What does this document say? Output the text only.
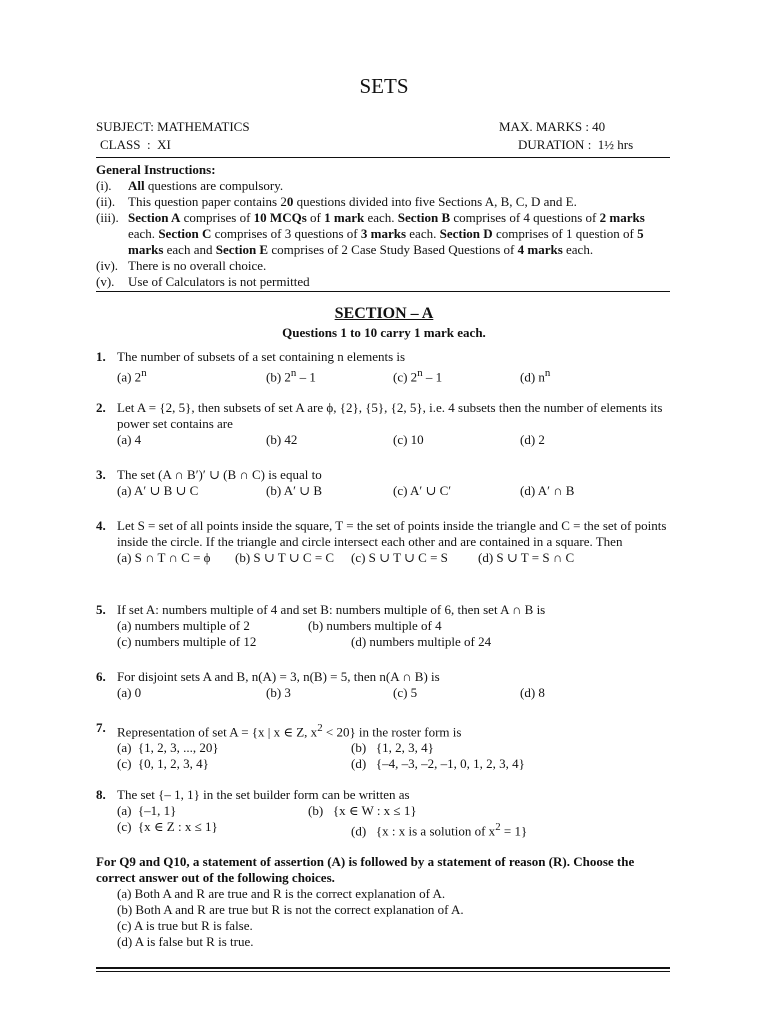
SETS
SUBJECT: MATHEMATICS	MAX. MARKS : 40
CLASS  :  XI	DURATION :  1½ hrs
General Instructions:
(i).	All questions are compulsory.
(ii). This question paper contains 20 questions divided into five Sections A, B, C, D and E.
(iii). Section A comprises of 10 MCQs of 1 mark each. Section B comprises of 4 questions of 2 marks each. Section C comprises of 3 questions of 3 marks each. Section D comprises of 1 question of 5 marks each and Section E comprises of 2 Case Study Based Questions of 4 marks each.
(iv). There is no overall choice.
(v).	Use of Calculators is not permitted
SECTION – A
Questions 1 to 10 carry 1 mark each.
1. The number of subsets of a set containing n elements is
(a) 2$^n$	(b) 2$^n$ – 1	(c) 2$^n$ – 1	(d) $n^n$
2. Let A = {2, 5}, then subsets of set A are ϕ, {2}, {5}, {2, 5}, i.e. 4 subsets then the number of elements its power set contains are
(a) 4	(b) 42	(c) 10	(d) 2
3. The set (A ∩ B′)′ ∪ (B ∩ C) is equal to
(a) A′ ∪ B ∪ C	(b) A′ ∪ B	(c) A′ ∪ C′	(d) A′ ∩ B
4. Let S = set of all points inside the square, T = the set of points inside the triangle and C = the set of points inside the circle. If the triangle and circle intersect each other and are contained in a square. Then
(a) S ∩ T ∩ C = ϕ (b) S ∪ T ∪ C = C (c) S ∪ T ∪ C = S (d) S ∪ T = S ∩ C
5. If set A: numbers multiple of 4 and set B: numbers multiple of 6, then set A ∩ B is
(a) numbers multiple of 2	(b) numbers multiple of 4
(c) numbers multiple of 12	(d) numbers multiple of 24
6. For disjoint sets A and B, n(A) = 3, n(B) = 5, then n(A ∩ B) is
(a) 0	(b) 3	(c) 5	(d) 8
7. Representation of set A = {x | x ∈ Z, $x^2 < 20$} in the roster form is
(a)  {1, 2, 3, ..., 20}	(b)   {1, 2, 3, 4}
(c)  {0, 1, 2, 3, 4}	(d)   {–4, –3, –2, –1, 0, 1, 2, 3, 4}
8. The set {– 1, 1} in the set builder form can be written as
(a)  {–1, 1}	(b)   {x ∈ W : x ≤ 1}
(c)  {x ∈ Z : x ≤ 1}	(d)   {x : x is a solution of $x^2 = 1$}
For Q9 and Q10, a statement of assertion (A) is followed by a statement of reason (R). Choose the correct answer out of the following choices.
(a) Both A and R are true and R is the correct explanation of A.
(b) Both A and R are true but R is not the correct explanation of A.
(c) A is true but R is false.
(d) A is false but R is true.
